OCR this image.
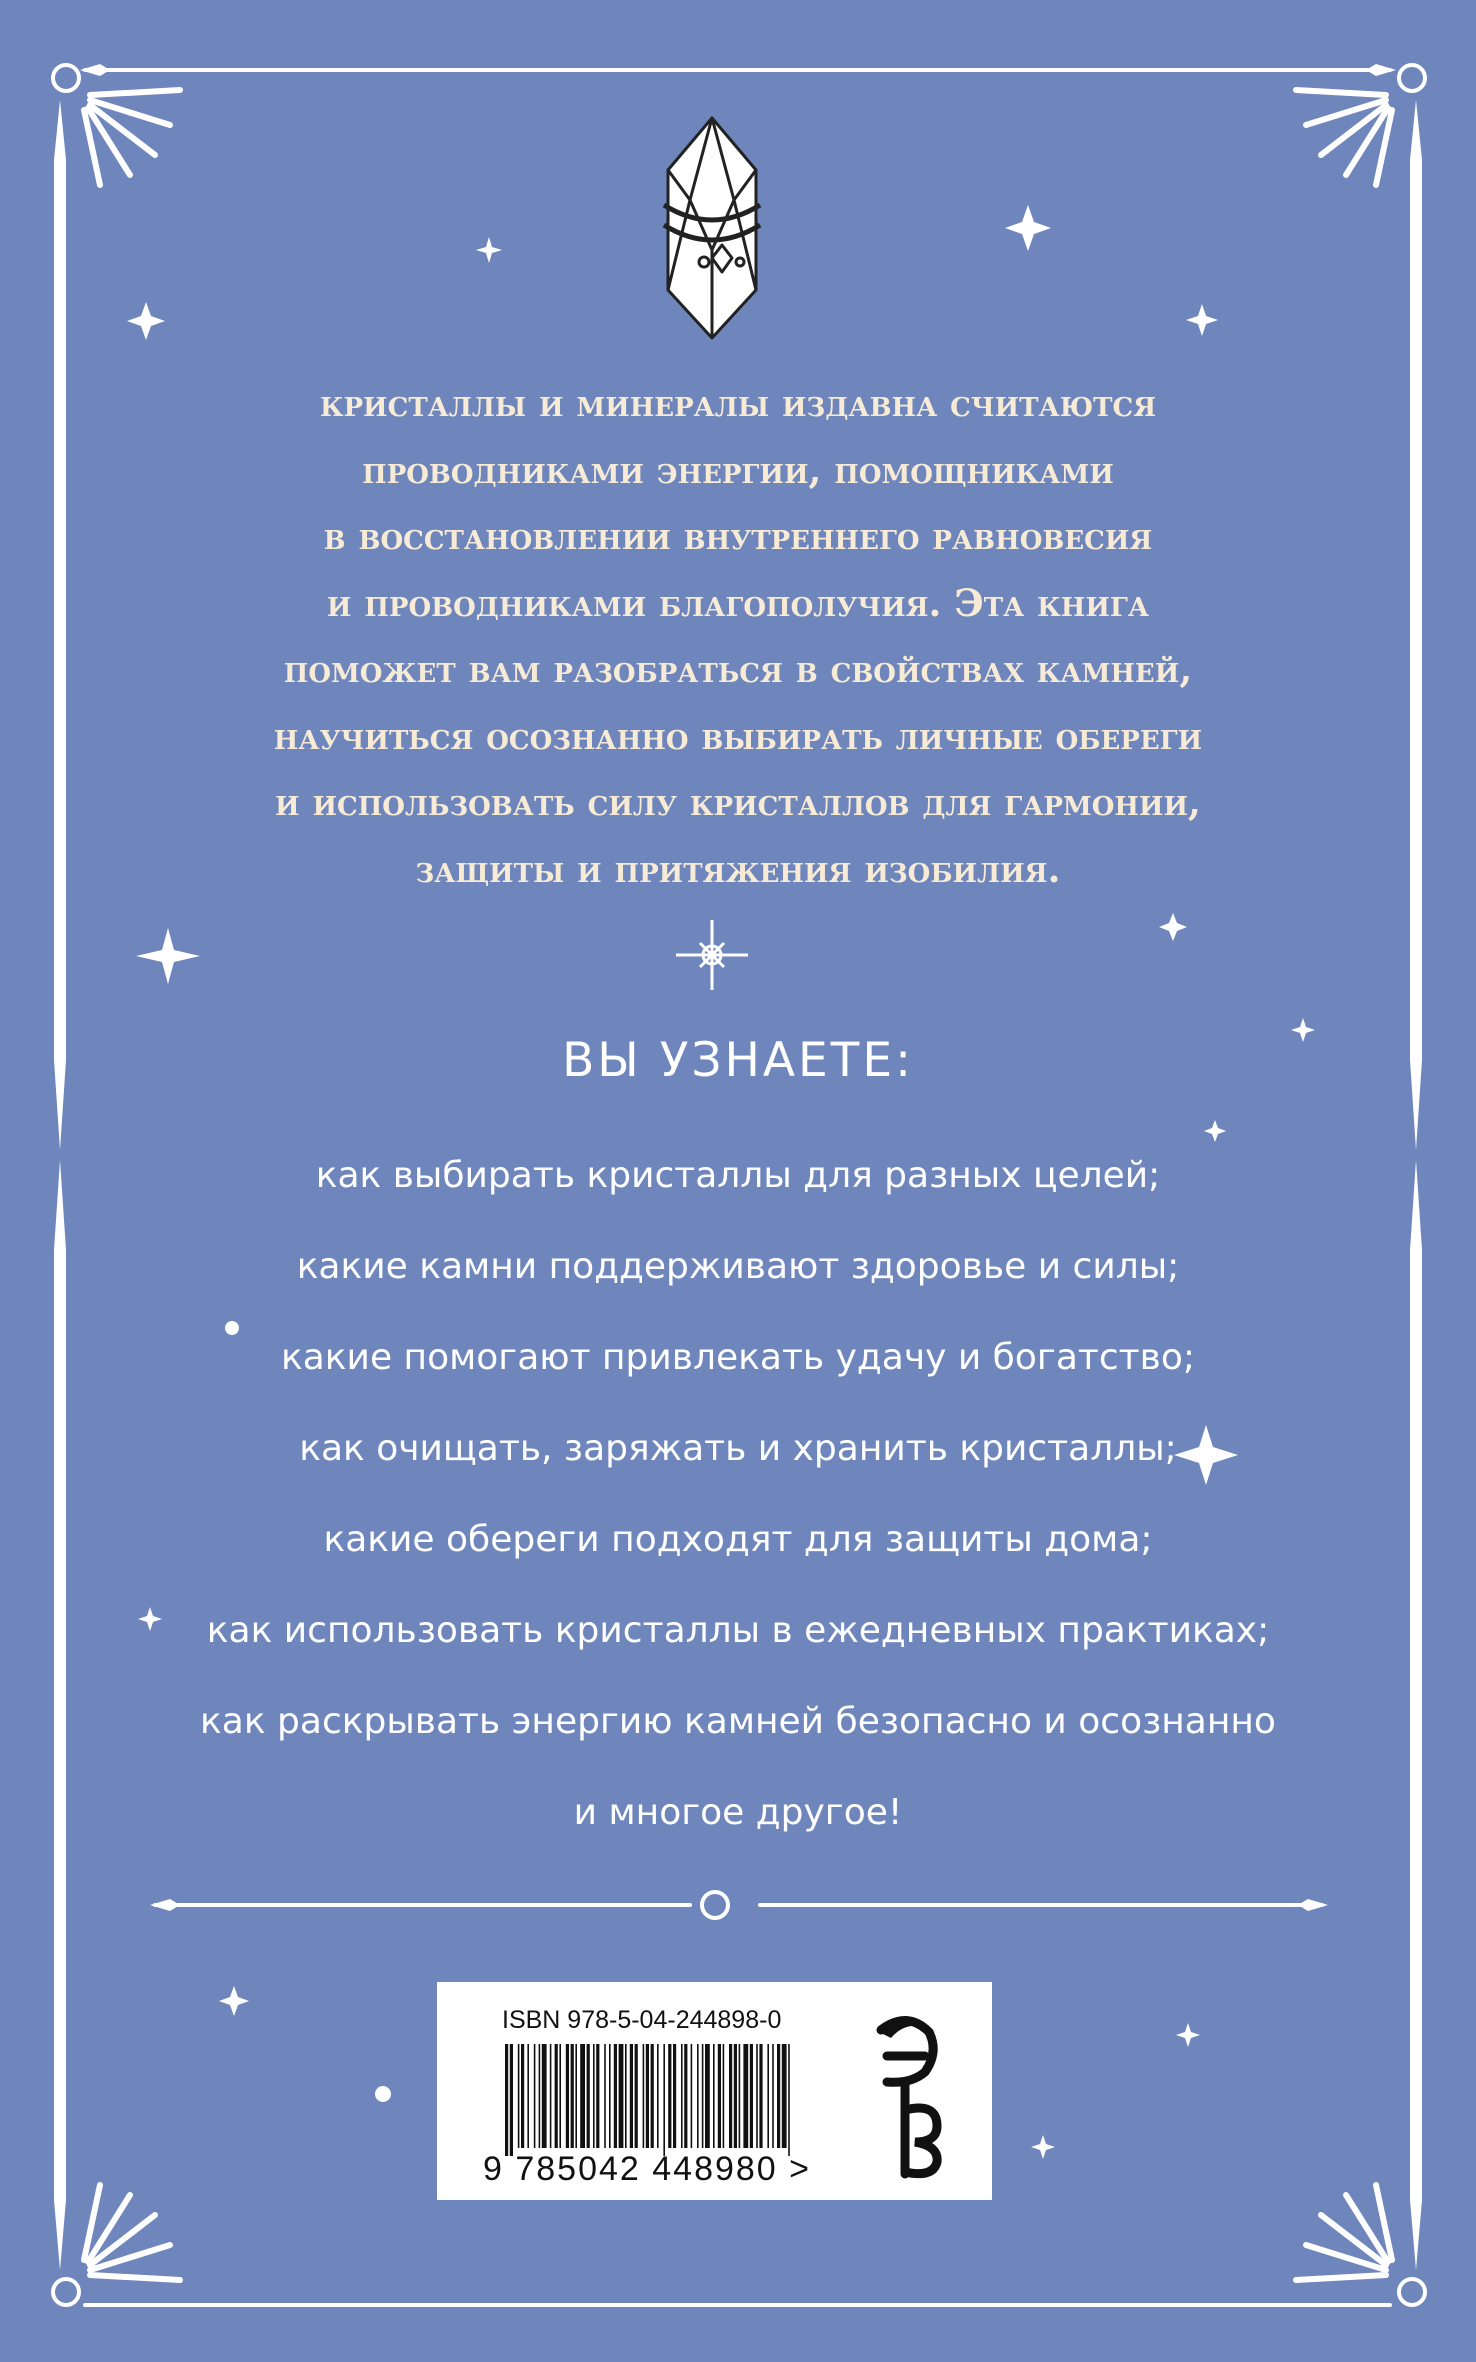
кристаллы и минералы издавна считаются
проводниками энергии, помощниками
в восстановлении внутреннего равновесия
и проводниками благополучия. Эта книга
поможет вам разобраться в свойствах камней,
научиться осознанно выбирать личные обереги
и использовать силу кристаллов для гармонии,
защиты и притяжения изобилия.
ВЫ УЗНАЕТЕ:
как выбирать кристаллы для разных целей;
какие камни поддерживают здоровье и силы;
какие помогают привлекать удачу и богатство;
как очищать, заряжать и хранить кристаллы;
какие обереги подходят для защиты дома;
как использовать кристаллы в ежедневных практиках;
как раскрывать энергию камней безопасно и осознанно
и многое другое!
ISBN 978-5-04-244898-0
9 785042 448980 >
